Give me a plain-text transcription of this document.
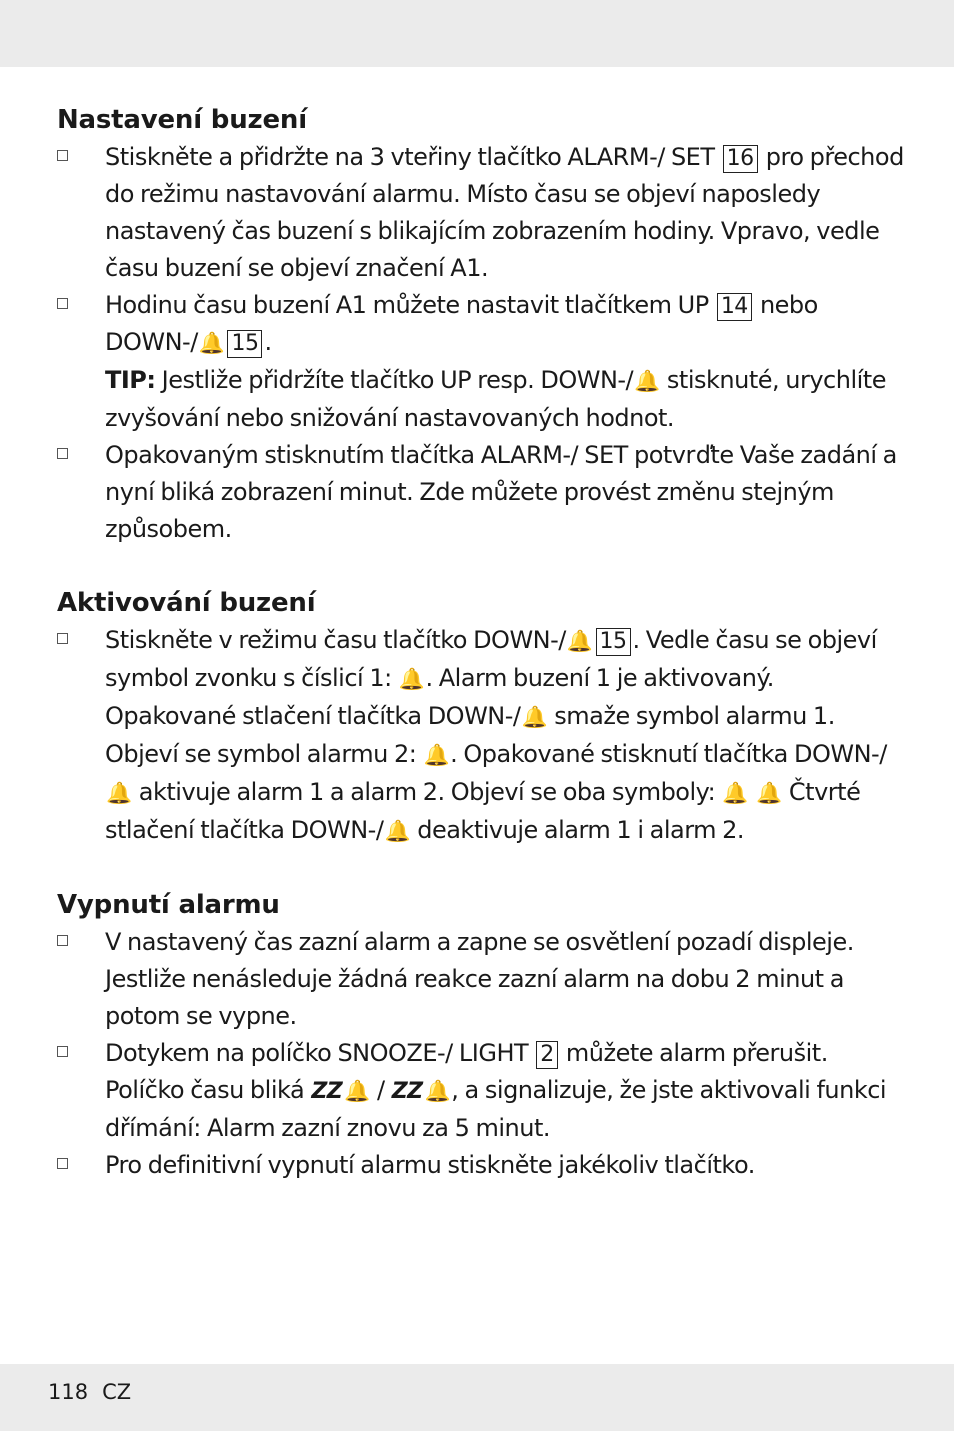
Nastavení buzení
Stiskněte a přidržte na 3 vteřiny tlačítko ALARM-/ SET 16 pro přechod do režimu nastavování alarmu. Místo času se objeví naposledy nastavený čas buzení s blikajícím zobrazením hodiny. Vpravo, vedle času buzení se objeví značení A1.
Hodinu času buzení A1 můžete nastavit tlačítkem UP 14 nebo DOWN-/🔔 15 .
TIP: Jestliže přidržíte tlačítko UP resp. DOWN-/🔔 stisknuté, urychlíte zvyšování nebo snižování nastavovaných hodnot.
Opakovaným stisknutím tlačítka ALARM-/ SET potvrďte Vaše zadání a nyní bliká zobrazení minut. Zde můžete provést změnu stejným způsobem.
Aktivování buzení
Stiskněte v režimu času tlačítko DOWN-/🔔 15 . Vedle času se objeví symbol zvonku s číslicí 1: 🔔. Alarm buzení 1 je aktivovaný. Opakované stlačení tlačítka DOWN-/🔔 smaže symbol alarmu 1. Objeví se symbol alarmu 2: 🔔. Opakované stisknutí tlačítka DOWN-/🔔 aktivuje alarm 1 a alarm 2. Objeví se oba symboly: 🔔 🔔 Čtvrté stlačení tlačítka DOWN-/🔔 deaktivuje alarm 1 i alarm 2.
Vypnutí alarmu
V nastavený čas zazní alarm a zapne se osvětlení pozadí displeje. Jestliže nenásleduje žádná reakce zazní alarm na dobu 2 minut a potom se vypne.
Dotykem na políčko SNOOZE-/ LIGHT 2 můžete alarm přerušit. Políčko času bliká ZZ🔔 / ZZ🔔, a signalizuje, že jste aktivovali funkci dřímání: Alarm zazní znovu za 5 minut.
Pro definitivní vypnutí alarmu stiskněte jakékoliv tlačítko.
118 CZ
